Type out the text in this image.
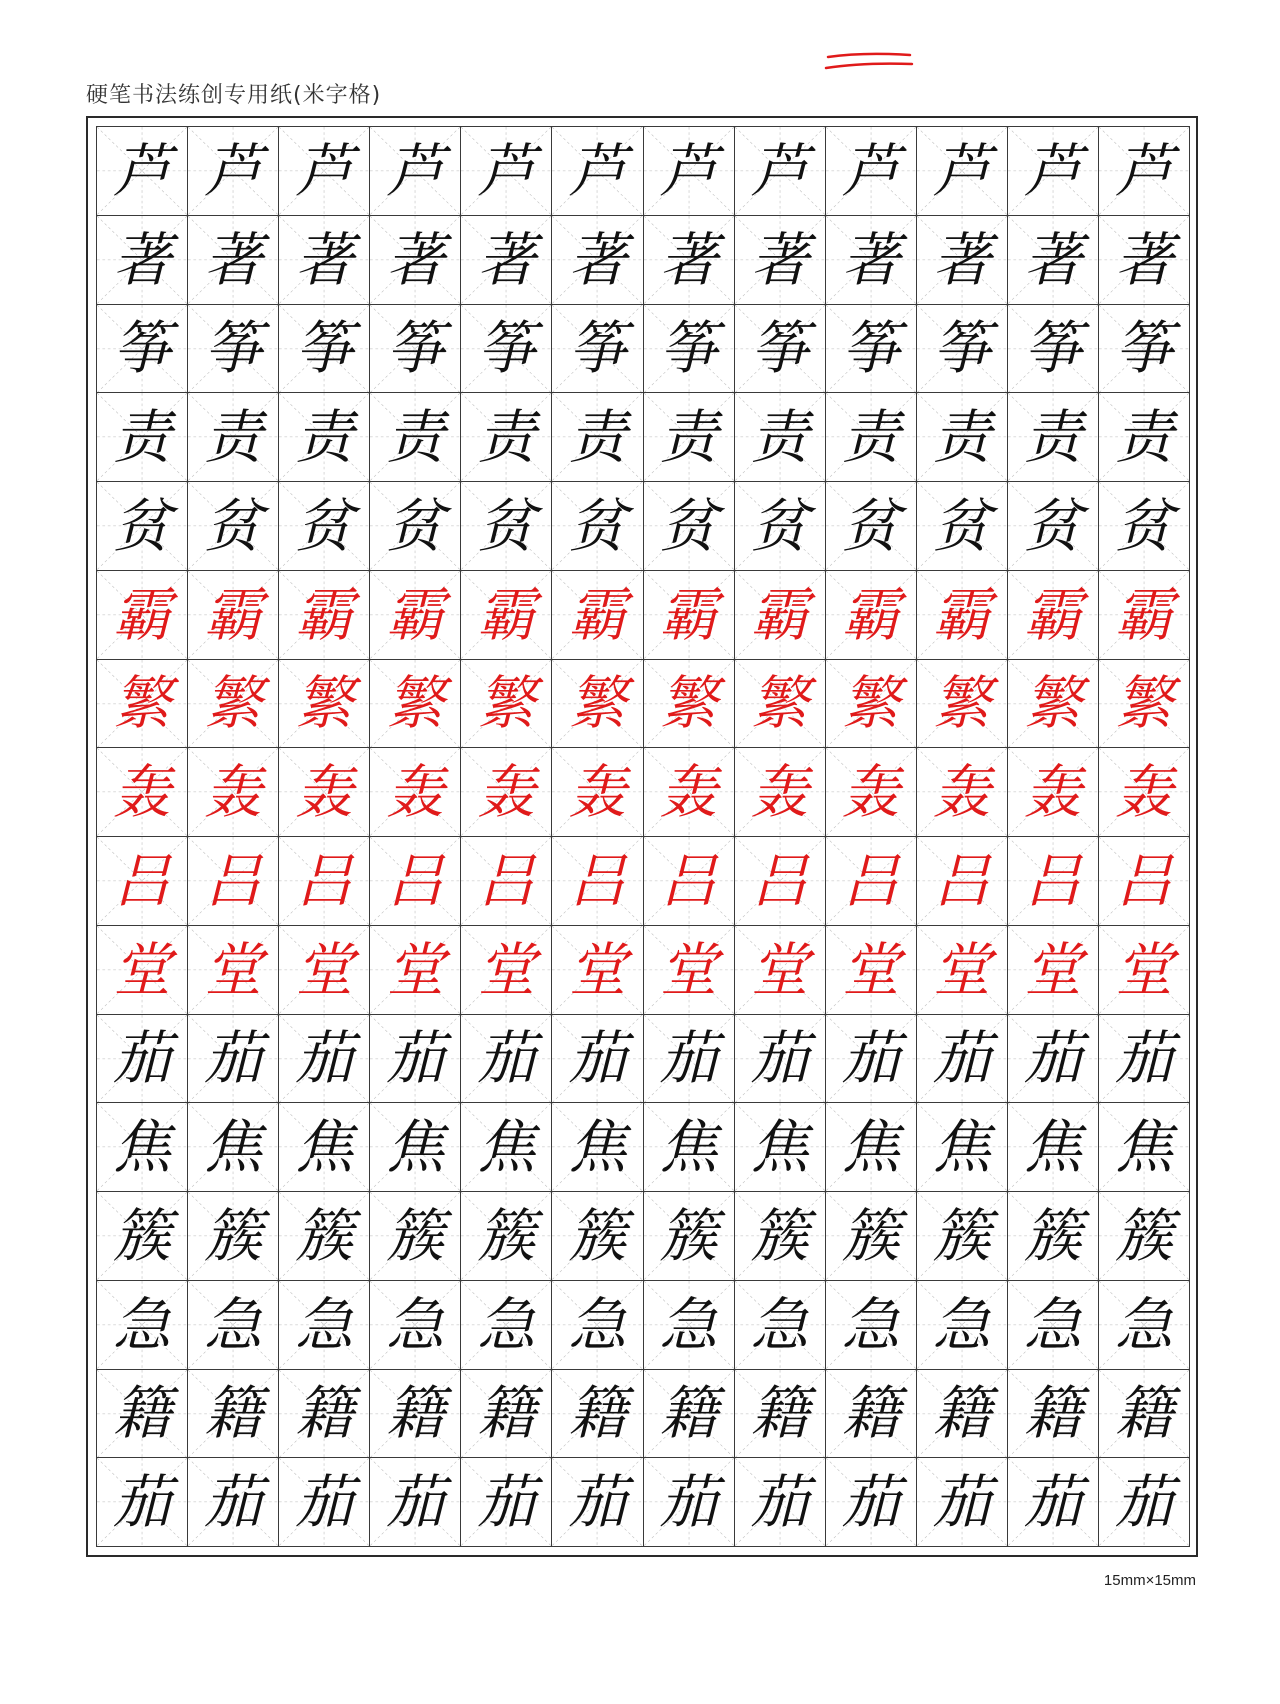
硬笔书法练创专用纸(米字格)
芦 芦 芦 芦 芦 芦 芦 芦 芦 芦 芦 芦
著 著 著 著 著 著 著 著 著 著 著 著
筝 筝 筝 筝 筝 筝 筝 筝 筝 筝 筝 筝
责 责 责 责 责 责 责 责 责 责 责 责
贫 贫 贫 贫 贫 贫 贫 贫 贫 贫 贫 贫
霸 霸 霸 霸 霸 霸 霸 霸 霸 霸 霸 霸
繁 繁 繁 繁 繁 繁 繁 繁 繁 繁 繁 繁
轰 轰 轰 轰 轰 轰 轰 轰 轰 轰 轰 轰
吕 吕 吕 吕 吕 吕 吕 吕 吕 吕 吕 吕
堂 堂 堂 堂 堂 堂 堂 堂 堂 堂 堂 堂
茄 茄 茄 茄 茄 茄 茄 茄 茄 茄 茄 茄
焦 焦 焦 焦 焦 焦 焦 焦 焦 焦 焦 焦
簇 簇 簇 簇 簇 簇 簇 簇 簇 簇 簇 簇
急 急 急 急 急 急 急 急 急 急 急 急
籍 籍 籍 籍 籍 籍 籍 籍 籍 籍 籍 籍
茄 茄 茄 茄 茄 茄 茄 茄 茄 茄 茄 茄
15mm×15mm
